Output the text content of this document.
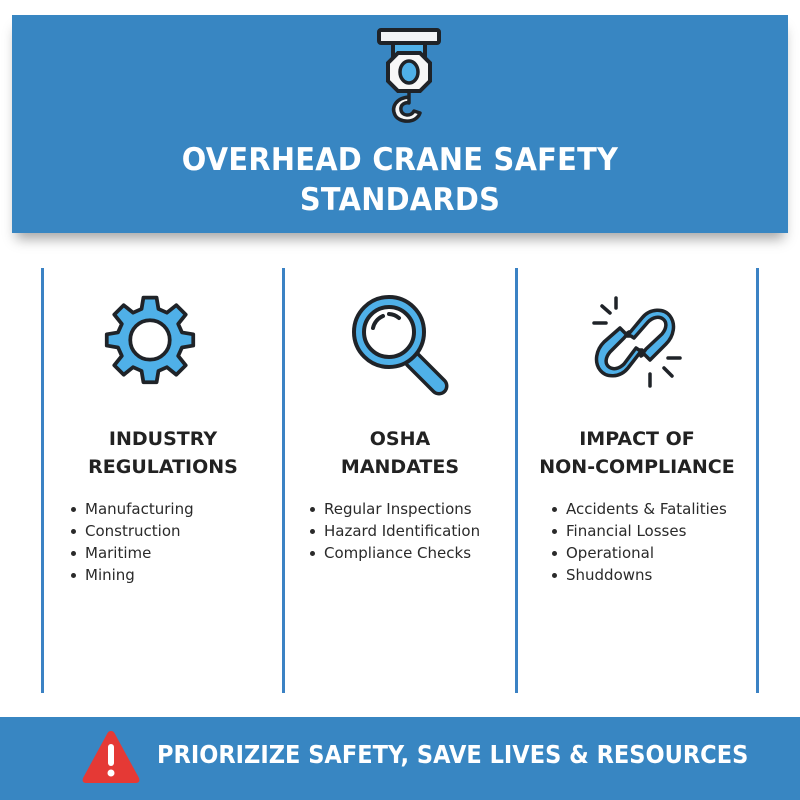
OVERHEAD CRANE SAFETY
STANDARDS
INDUSTRY
REGULATIONS
Manufacturing
Construction
Maritime
Mining
OSHA
MANDATES
Regular Inspections
Hazard Identification
Compliance Checks
IMPACT OF
NON-COMPLIANCE
Accidents & Fatalities
Financial Losses
Operational
Shuddowns
PRIORIZIZE SAFETY, SAVE LIVES & RESOURCES
